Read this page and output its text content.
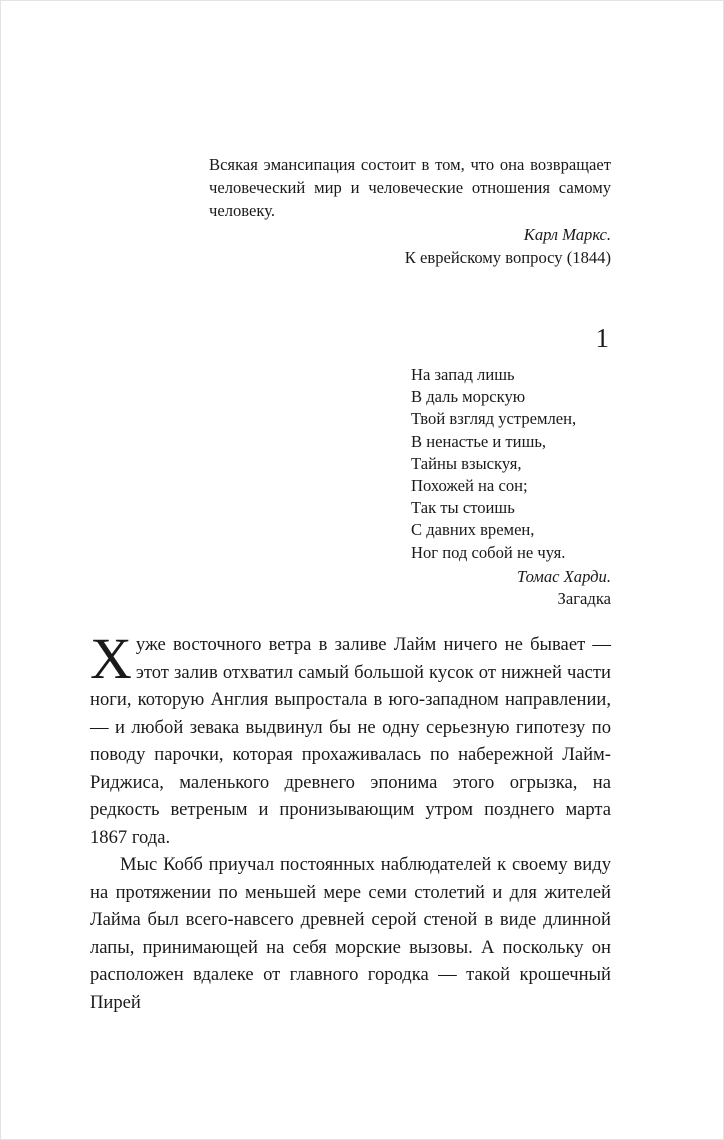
Всякая эмансипация состоит в том, что она возвращает человеческий мир и человеческие отношения самому человеку.
Карл Маркс.
К еврейскому вопросу (1844)
1
На запад лишь
В даль морскую
Твой взгляд устремлен,
В ненастье и тишь,
Тайны взыскуя,
Похожей на сон;
Так ты стоишь
С давних времен,
Ног под собой не чуя.
Томас Харди.
Загадка

Хуже восточного ветра в заливе Лайм ничего не бывает — этот залив отхватил самый большой кусок от нижней части ноги, которую Англия выпростала в юго-западном направлении, — и любой зевака выдвинул бы не одну серьезную гипотезу по поводу парочки, которая прохаживалась по набережной Лайм-Риджиса, маленького древнего эпонима этого огрызка, на редкость ветреным и пронизывающим утром позднего марта 1867 года.

Мыс Кобб приучал постоянных наблюдателей к своему виду на протяжении по меньшей мере семи столетий и для жителей Лайма был всего-навсего древней серой стеной в виде длинной лапы, принимающей на себя морские вызовы. А поскольку он расположен вдалеке от главного городка — такой крошечный Пирей
